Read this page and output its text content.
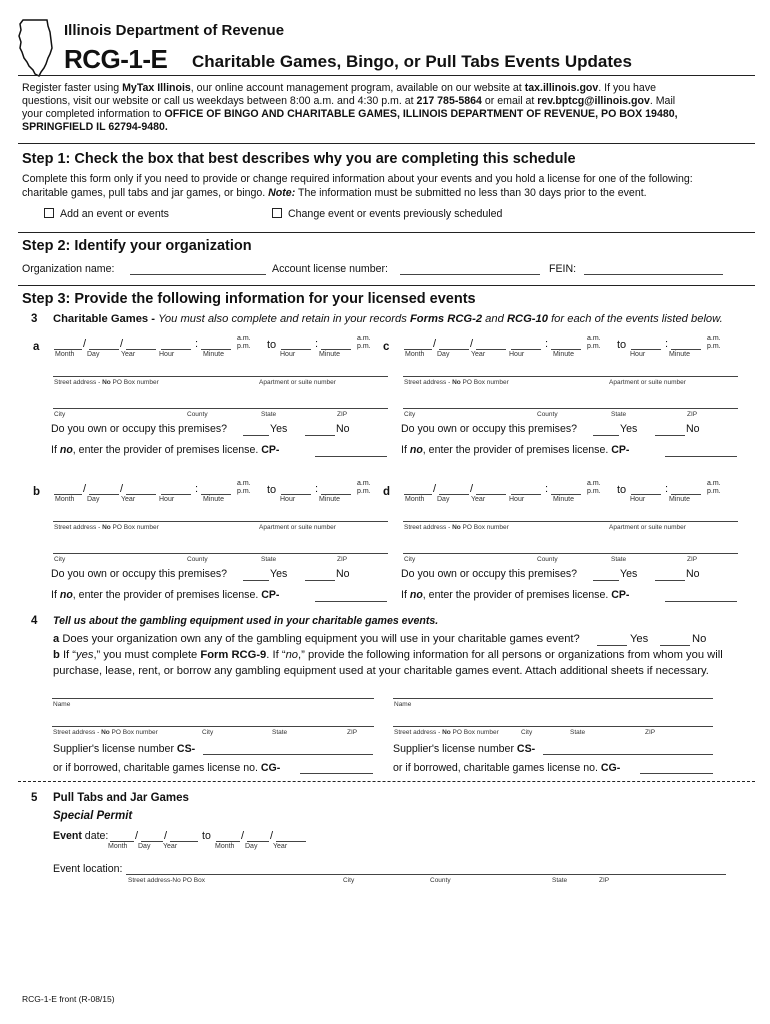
Illinois Department of Revenue
RCG-1-E Charitable Games, Bingo, or Pull Tabs Events Updates
Register faster using MyTax Illinois, our online account management program, available on our website at tax.illinois.gov. If you have
questions, visit our website or call us weekdays between 8:00 a.m. and 4:30 p.m. at 217 785-5864 or email at rev.bptcg@illinois.gov. Mail
your completed information to OFFICE OF BINGO AND CHARITABLE GAMES, ILLINOIS DEPARTMENT OF REVENUE, PO BOX 19480,
SPRINGFIELD IL 62794-9480.
Step 1: Check the box that best describes why you are completing this schedule
Complete this form only if you need to provide or change required information about your events and you hold a license for one of the following:
charitable games, pull tabs and jar games, or bingo. Note: The information must be submitted no less than 30 days prior to the event.
Add an event or events	Change event or events previously scheduled
Step 2: Identify your organization
Organization name:	Account license number:	FEIN:
Step 3: Provide the following information for your licensed events
3 Charitable Games - You must also complete and retain in your records Forms RCG-2 and RCG-10 for each of the events listed below.
a	/	/	:	a.m.
p.m. to	:	a.m.
p.m.
Month Day	Year	Hour	Minute	Hour	Minute
Street address - No PO Box number	Apartment or suite number
City	County	State	ZIP
Do you own or occupy this premises?	Yes	No
If no, enter the provider of premises license. CP-
c	/	/	:	a.m.
p.m. to	:	a.m.
p.m.
Month Day	Year	Hour	Minute	Hour	Minute
Street address - No PO Box number	Apartment or suite number
City	County	State	ZIP
Do you own or occupy this premises?	Yes	No
If no, enter the provider of premises license. CP-
b	/	/	:	a.m.
p.m. to	:	a.m.
p.m.
Month Day	Year	Hour	Minute	Hour	Minute
Street address - No PO Box number	Apartment or suite number
City	County	State	ZIP
Do you own or occupy this premises?	Yes	No
If no, enter the provider of premises license. CP-
d	/	/	:	a.m.
p.m. to	:	a.m.
p.m.
Month Day	Year	Hour	Minute	Hour	Minute
Street address - No PO Box number	Apartment or suite number
City	County	State	ZIP
Do you own or occupy this premises?	Yes	No
If no, enter the provider of premises license. CP-
4 Tell us about the gambling equipment used in your charitable games events.
a Does your organization own any of the gambling equipment you will use in your charitable games event?	Yes	No
b If “yes,” you must complete Form RCG-9. If “no,” provide the following information for all persons or organizations from whom you will
purchase, lease, rent, or borrow any gambling equipment used at your charitable games event. Attach additional sheets if necessary.
Name
Street address - No PO Box number	City	State	ZIP
Supplier's license number CS-
or if borrowed, charitable games license no. CG-
Name
Street address - No PO Box number	City	State	ZIP
Supplier's license number CS-
or if borrowed, charitable games license no. CG-
5 Pull Tabs and Jar Games
Special Permit
Event date: / /	to	/ /
Month Day Year	Month Day Year
Event location:
Street address-No PO Box	City	County	State	ZIP
RCG-1-E front (R-08/15)
